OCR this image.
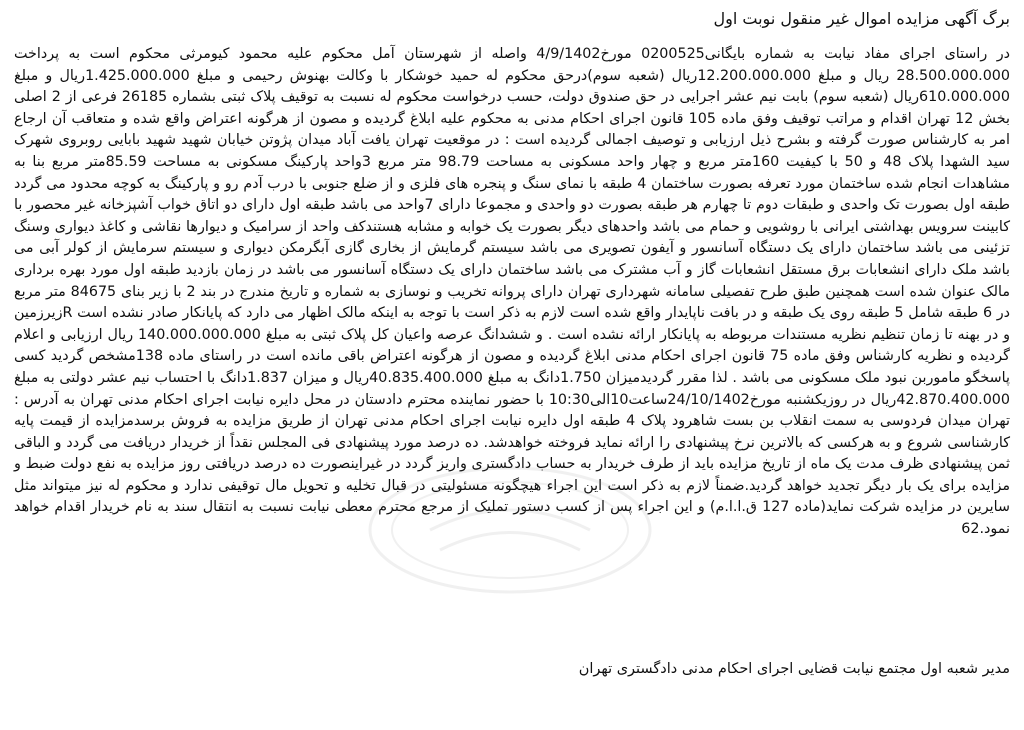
برگ آگهی مزایده اموال غیر منقول نوبت اول

در راستای اجرای مفاد نیابت به شماره بایگانی0200525 مورخ4/9/1402 واصله از شهرستان آمل محکوم علیه محمود کیومرثی محکوم است به پرداخت 28.500.000.000 ریال و مبلغ 12.200.000.000ریال (شعبه سوم)درحق محکوم له حمید خوشکار با وکالت بهنوش رحیمی و مبلغ 1.425.000.000ریال و مبلغ 610.000.000ریال (شعبه سوم) بابت نیم عشر اجرایی در حق صندوق دولت، حسب درخواست محکوم له نسبت به توقیف پلاک ثبتی بشماره 26185 فرعی از 2 اصلی بخش 12 تهران اقدام و مراتب توقیف وفق ماده 105 قانون اجرای احکام مدنی به محکوم علیه ابلاغ گردیده و مصون از هرگونه اعتراض واقع شده و متعاقب آن ارجاع امر به کارشناس صورت گرفته و بشرح ذیل ارزیابی و توصیف اجمالی گردیده است : در موقعیت تهران یافت آباد میدان پژوتن خیابان شهید شهید بابایی روبروی شهرک سید الشهدا پلاک 48 و 50 با کیفیت 160متر مربع و چهار واحد مسکونی به مساحت 98.79 متر مربع 3واحد پارکینگ مسکونی به مساحت 85.59متر مربع بنا به مشاهدات انجام شده ساختمان مورد تعرفه بصورت ساختمان 4 طبقه با نمای سنگ و پنجره های فلزی و از ضلع جنوبی با درب آدم رو و پارکینگ به کوچه محدود می گردد طبقه اول بصورت تک واحدی و طبقات دوم تا چهارم هر طبقه بصورت دو واحدی و مجموعا دارای 7واحد می باشد طبقه اول دارای دو اتاق خواب آشپزخانه غیر محصور با کابینت سرویس بهداشتی ایرانی با روشویی و حمام می باشد واحدهای دیگر بصورت یک خوابه و مشابه هستندکف واحد از سرامیک و دیوارها نقاشی و کاغذ دیواری وسنگ تزئینی می باشد ساختمان دارای یک دستگاه آسانسور و آیفون تصویری می باشد سیستم گرمایش از بخاری گازی آبگرمکن دیواری و سیستم سرمایش از کولر آبی می باشد ملک دارای انشعابات برق مستقل انشعابات گاز و آب مشترک می باشد ساختمان دارای یک دستگاه آسانسور می باشد در زمان بازدید طبقه اول مورد بهره برداری مالک عنوان شده است همچنین طبق طرح تفصیلی سامانه شهرداری تهران دارای پروانه تخریب و نوسازی به شماره و تاریخ مندرج در بند 2 با زیر بنای 84675 متر مربع در 6 طبقه شامل 5 طبقه روی یک طبقه و در بافت ناپایدار واقع شده است لازم به ذکر است با توجه به اینکه مالک اظهار می دارد که پایانکار صادر نشده است Rزیرزمین و در بهنه تا زمان تنظیم نظریه مستندات مربوطه به پایانکار ارائه نشده است . و ششدانگ عرصه واعیان کل پلاک ثبتی به مبلغ 140.000.000.000 ریال ارزیابی و اعلام گردیده و نظریه کارشناس وفق ماده 75 قانون اجرای احکام مدنی ابلاغ گردیده و مصون از هرگونه اعتراض باقی مانده است در راستای ماده 138مشخص گردید کسی پاسخگو ماموربن نبود ملک مسکونی می باشد . لذا مقرر گردیدمیزان 1.750دانگ به مبلغ 40.835.400.000ریال و میزان 1.837دانگ با احتساب نیم عشر دولتی به مبلغ 42.870.400.000ریال در روزیکشنبه مورخ24/10/1402ساعت10الی10:30 با حضور نماینده محترم دادستان در محل دایره نیابت اجرای احکام مدنی تهران به آدرس : تهران میدان فردوسی به سمت انقلاب بن بست شاهرود پلاک 4 طبقه اول دایره نیابت اجرای احکام مدنی تهران از طریق مزایده به فروش برسدمزایده از قیمت پایه کارشناسی شروع و به هرکسی که بالاترین نرخ پیشنهادی را ارائه نماید فروخته خواهدشد. ده درصد مورد پیشنهادی فی المجلس نقداً از خریدار دریافت می گردد و الباقی ثمن پیشنهادی ظرف مدت یک ماه از تاریخ مزایده باید از طرف خریدار به حساب دادگستری واریز گردد در غیراینصورت ده درصد دریافتی روز مزایده به نفع دولت ضبط و مزایده برای یک بار دیگر تجدید خواهد گردید.ضمناً لازم به ذکر است این اجراء هیچگونه مسئولیتی در قبال تخلیه و تحویل مال توقیفی ندارد و محکوم له نیز میتواند مثل سایرین در مزایده شرکت نماید(ماده 127 ق.ا.ا.م) و این اجراء پس از کسب دستور تملیک از مرجع محترم معطی نیابت نسبت به انتقال سند به نام خریدار اقدام خواهد نمود.62

مدیر شعبه اول مجتمع نیابت قضایی اجرای احکام مدنی دادگستری تهران
